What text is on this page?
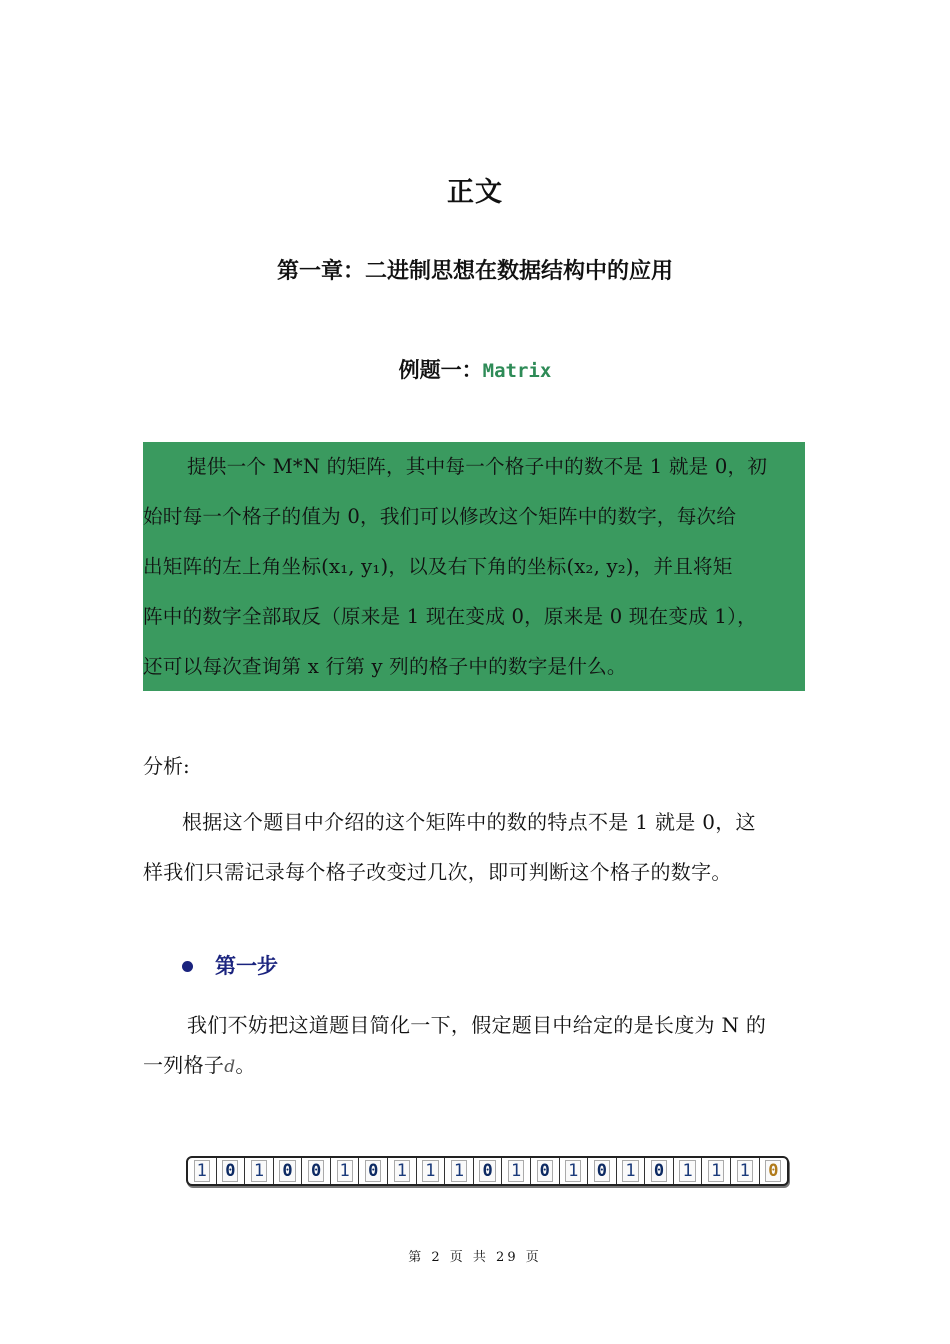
正文
第一章：二进制思想在数据结构中的应用
例题一：Matrix
提供一个 M*N 的矩阵，其中每一个格子中的数不是 1 就是 0，初
始时每一个格子的值为 0，我们可以修改这个矩阵中的数字，每次给
出矩阵的左上角坐标(x₁, y₁)，以及右下角的坐标(x₂, y₂)，并且将矩
阵中的数字全部取反（原来是 1 现在变成 0，原来是 0 现在变成 1），
还可以每次查询第 x 行第 y 列的格子中的数字是什么。
分析:
根据这个题目中介绍的这个矩阵中的数的特点不是 1 就是 0，这
样我们只需记录每个格子改变过几次，即可判断这个格子的数字。
第一步
我们不妨把这道题目简化一下，假定题目中给定的是长度为 N 的
一列格子d。
1 0 1 0 0 1 0 1 1 1 0 1 0 1 0 1 0 1 1 1 0
第 2 页 共 29 页
